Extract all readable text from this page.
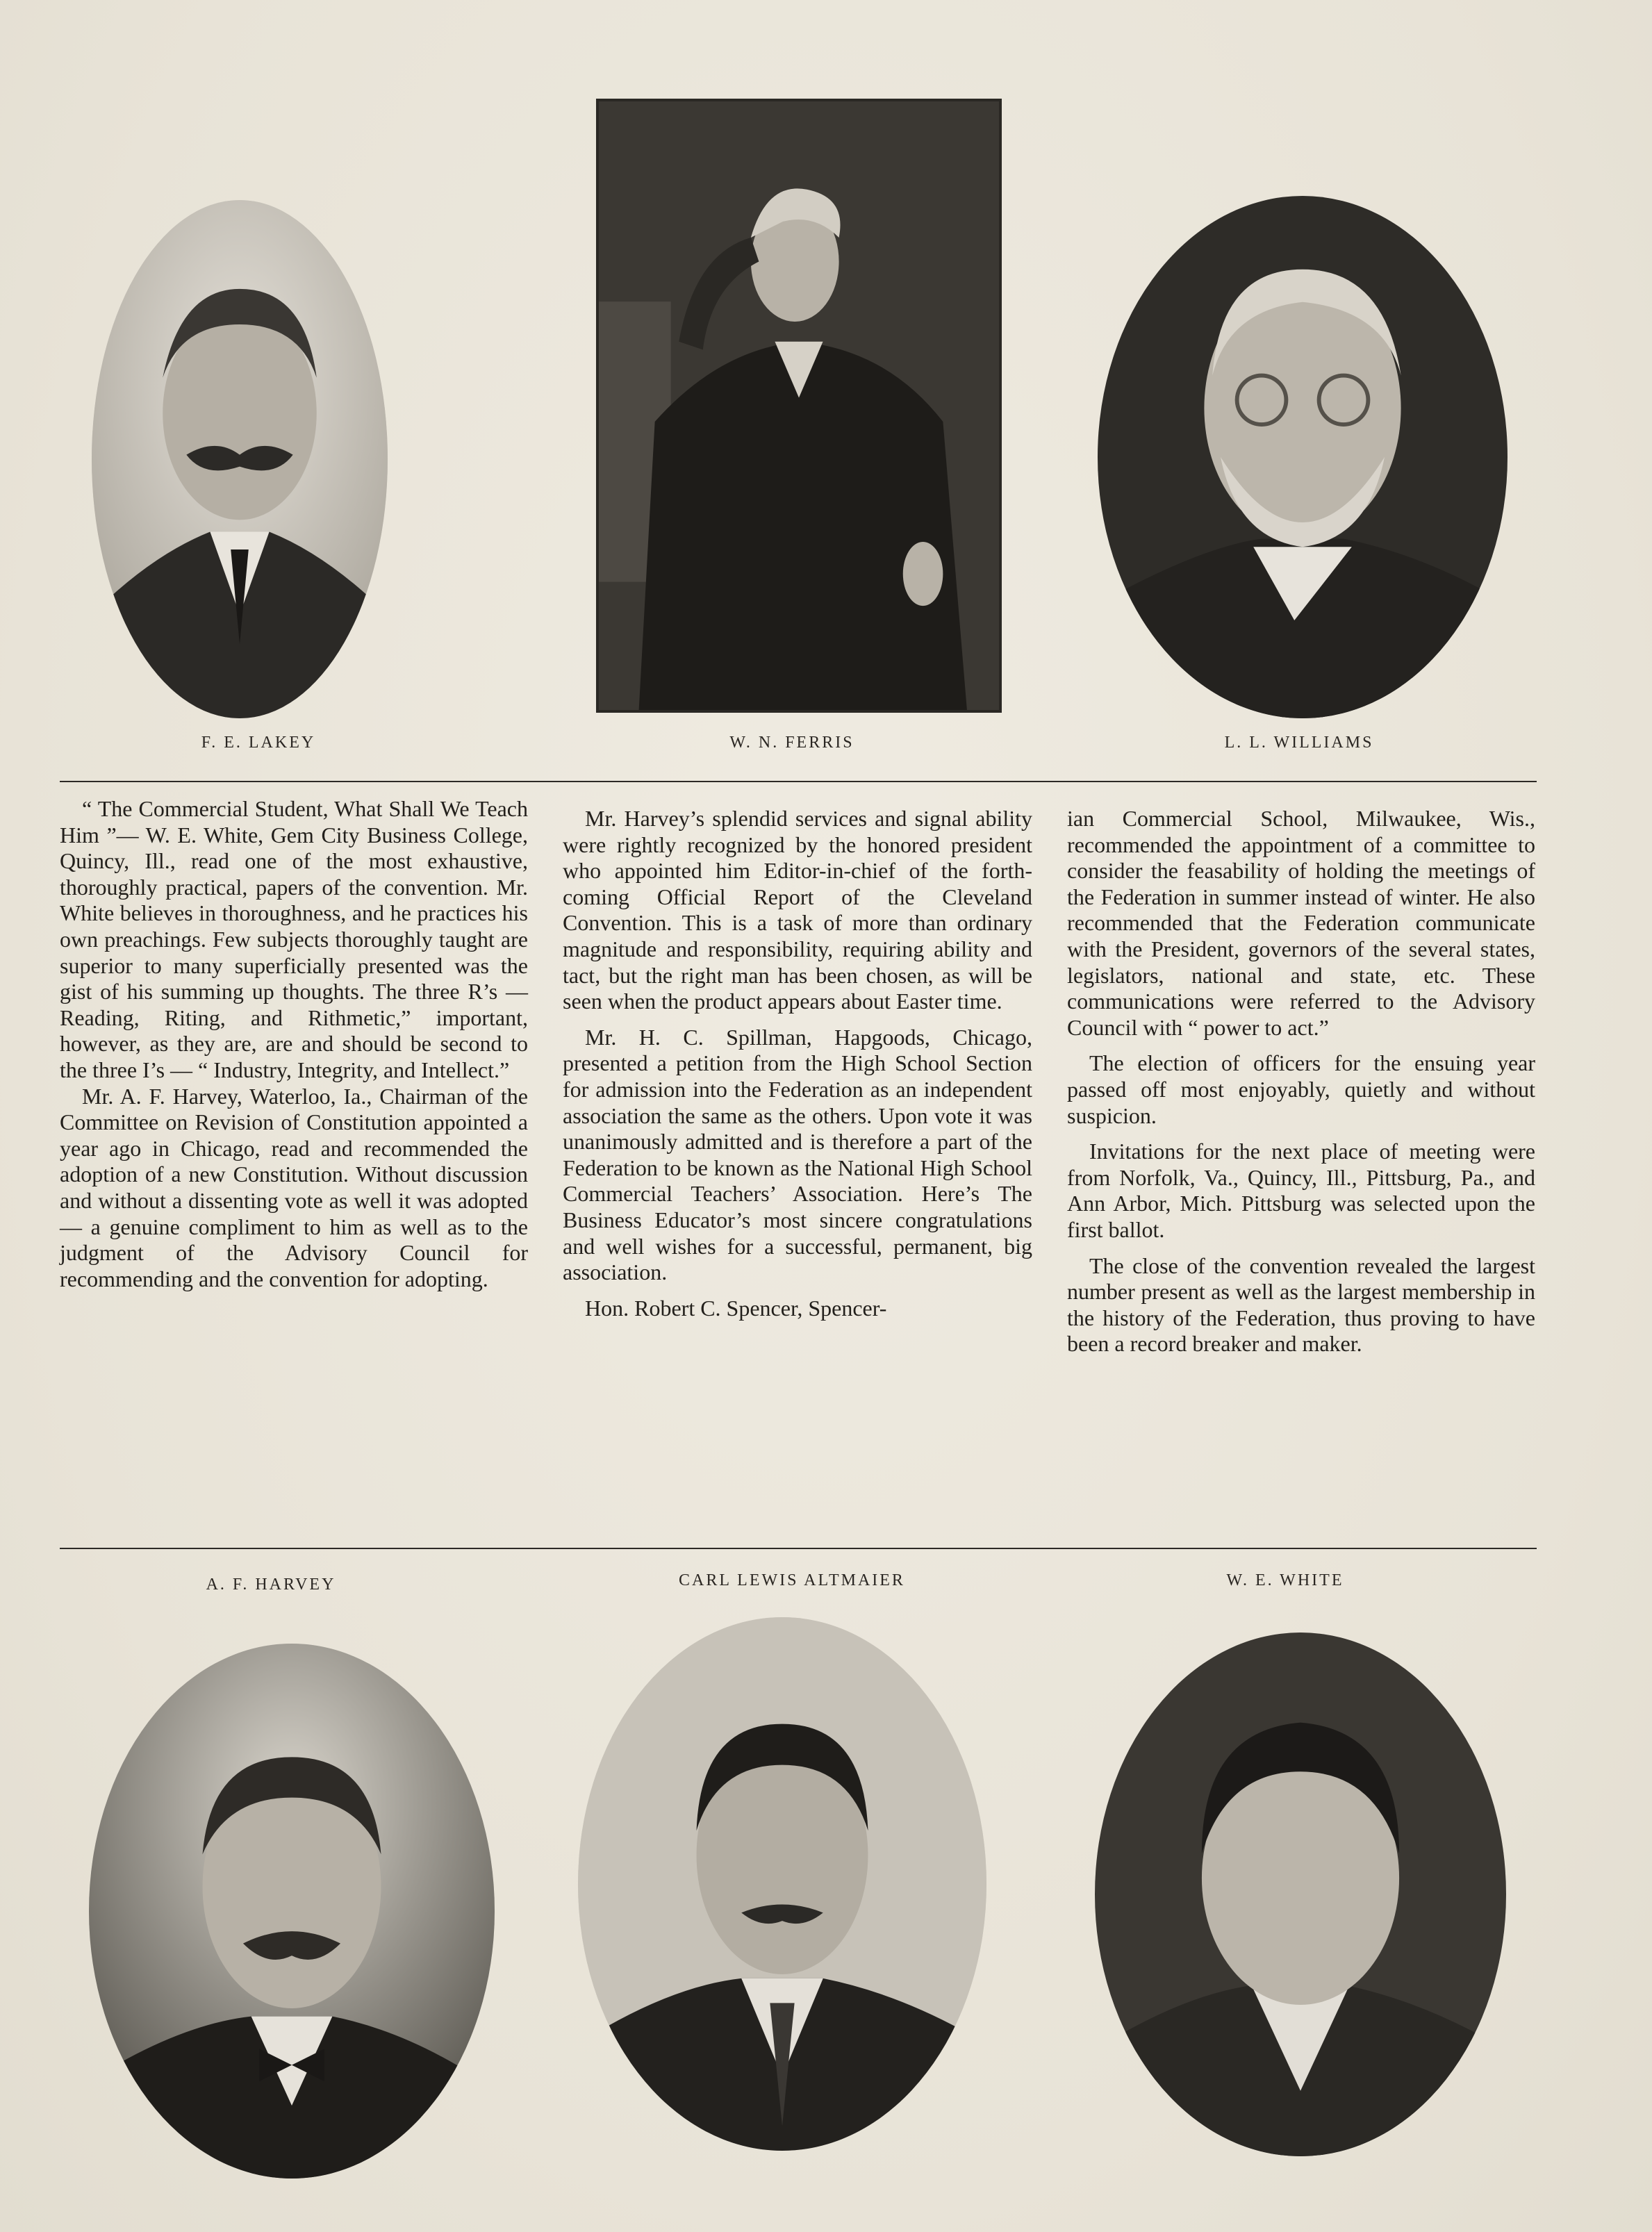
F. E. LAKEY	W. N. FERRIS	L. L. WILLIAMS

“ The Commercial Student, What Shall We Teach Him ”— W. E. White, Gem City Business College, Quincy, Ill., read one of the most exhaustive, thoroughly practical, papers of the convention. Mr. White believes in thoroughness, and he practices his own preachings. Few subjects thoroughly taught are superior to many superficially presented was the gist of his summing up thoughts. The three R’s — Reading, Riting, and Rithmetic,” important, however, as they are, are and should be second to the three I’s — “ Industry, Integrity, and Intellect.”

Mr. A. F. Harvey, Waterloo, Ia., Chairman of the Committee on Revision of Constitution appointed a year ago in Chicago, read and recommended the adoption of a new Constitution. Without discussion and without a dissenting vote as well it was adopted — a genuine compliment to him as well as to the judgment of the Advisory Council for recommending and the convention for adopting.

Mr. Harvey’s splendid services and signal ability were rightly recognized by the honored president who appointed him Editor-in-chief of the forth-coming Official Report of the Cleveland Convention. This is a task of more than ordinary magnitude and responsibility, requiring ability and tact, but the right man has been chosen, as will be seen when the product appears about Easter time.

Mr. H. C. Spillman, Hapgoods, Chicago, presented a petition from the High School Section for admission into the Federation as an independent association the same as the others. Upon vote it was unanimously admitted and is therefore a part of the Federation to be known as the National High School Commercial Teachers’ Association. Here’s The Business Educator’s most sincere congratulations and well wishes for a successful, permanent, big association.

Hon. Robert C. Spencer, Spencer-

ian Commercial School, Milwaukee, Wis., recommended the appointment of a committee to consider the feasability of holding the meetings of the Federation in summer instead of winter. He also recommended that the Federation communicate with the President, governors of the several states, legislators, national and state, etc. These communications were referred to the Advisory Council with “ power to act.”

The election of officers for the ensuing year passed off most enjoyably, quietly and without suspicion.

Invitations for the next place of meeting were from Norfolk, Va., Quincy, Ill., Pittsburg, Pa., and Ann Arbor, Mich. Pittsburg was selected upon the first ballot.

The close of the convention revealed the largest number present as well as the largest membership in the history of the Federation, thus proving to have been a record breaker and maker.

A. F. HARVEY	CARL LEWIS ALTMAIER	W. E. WHITE
